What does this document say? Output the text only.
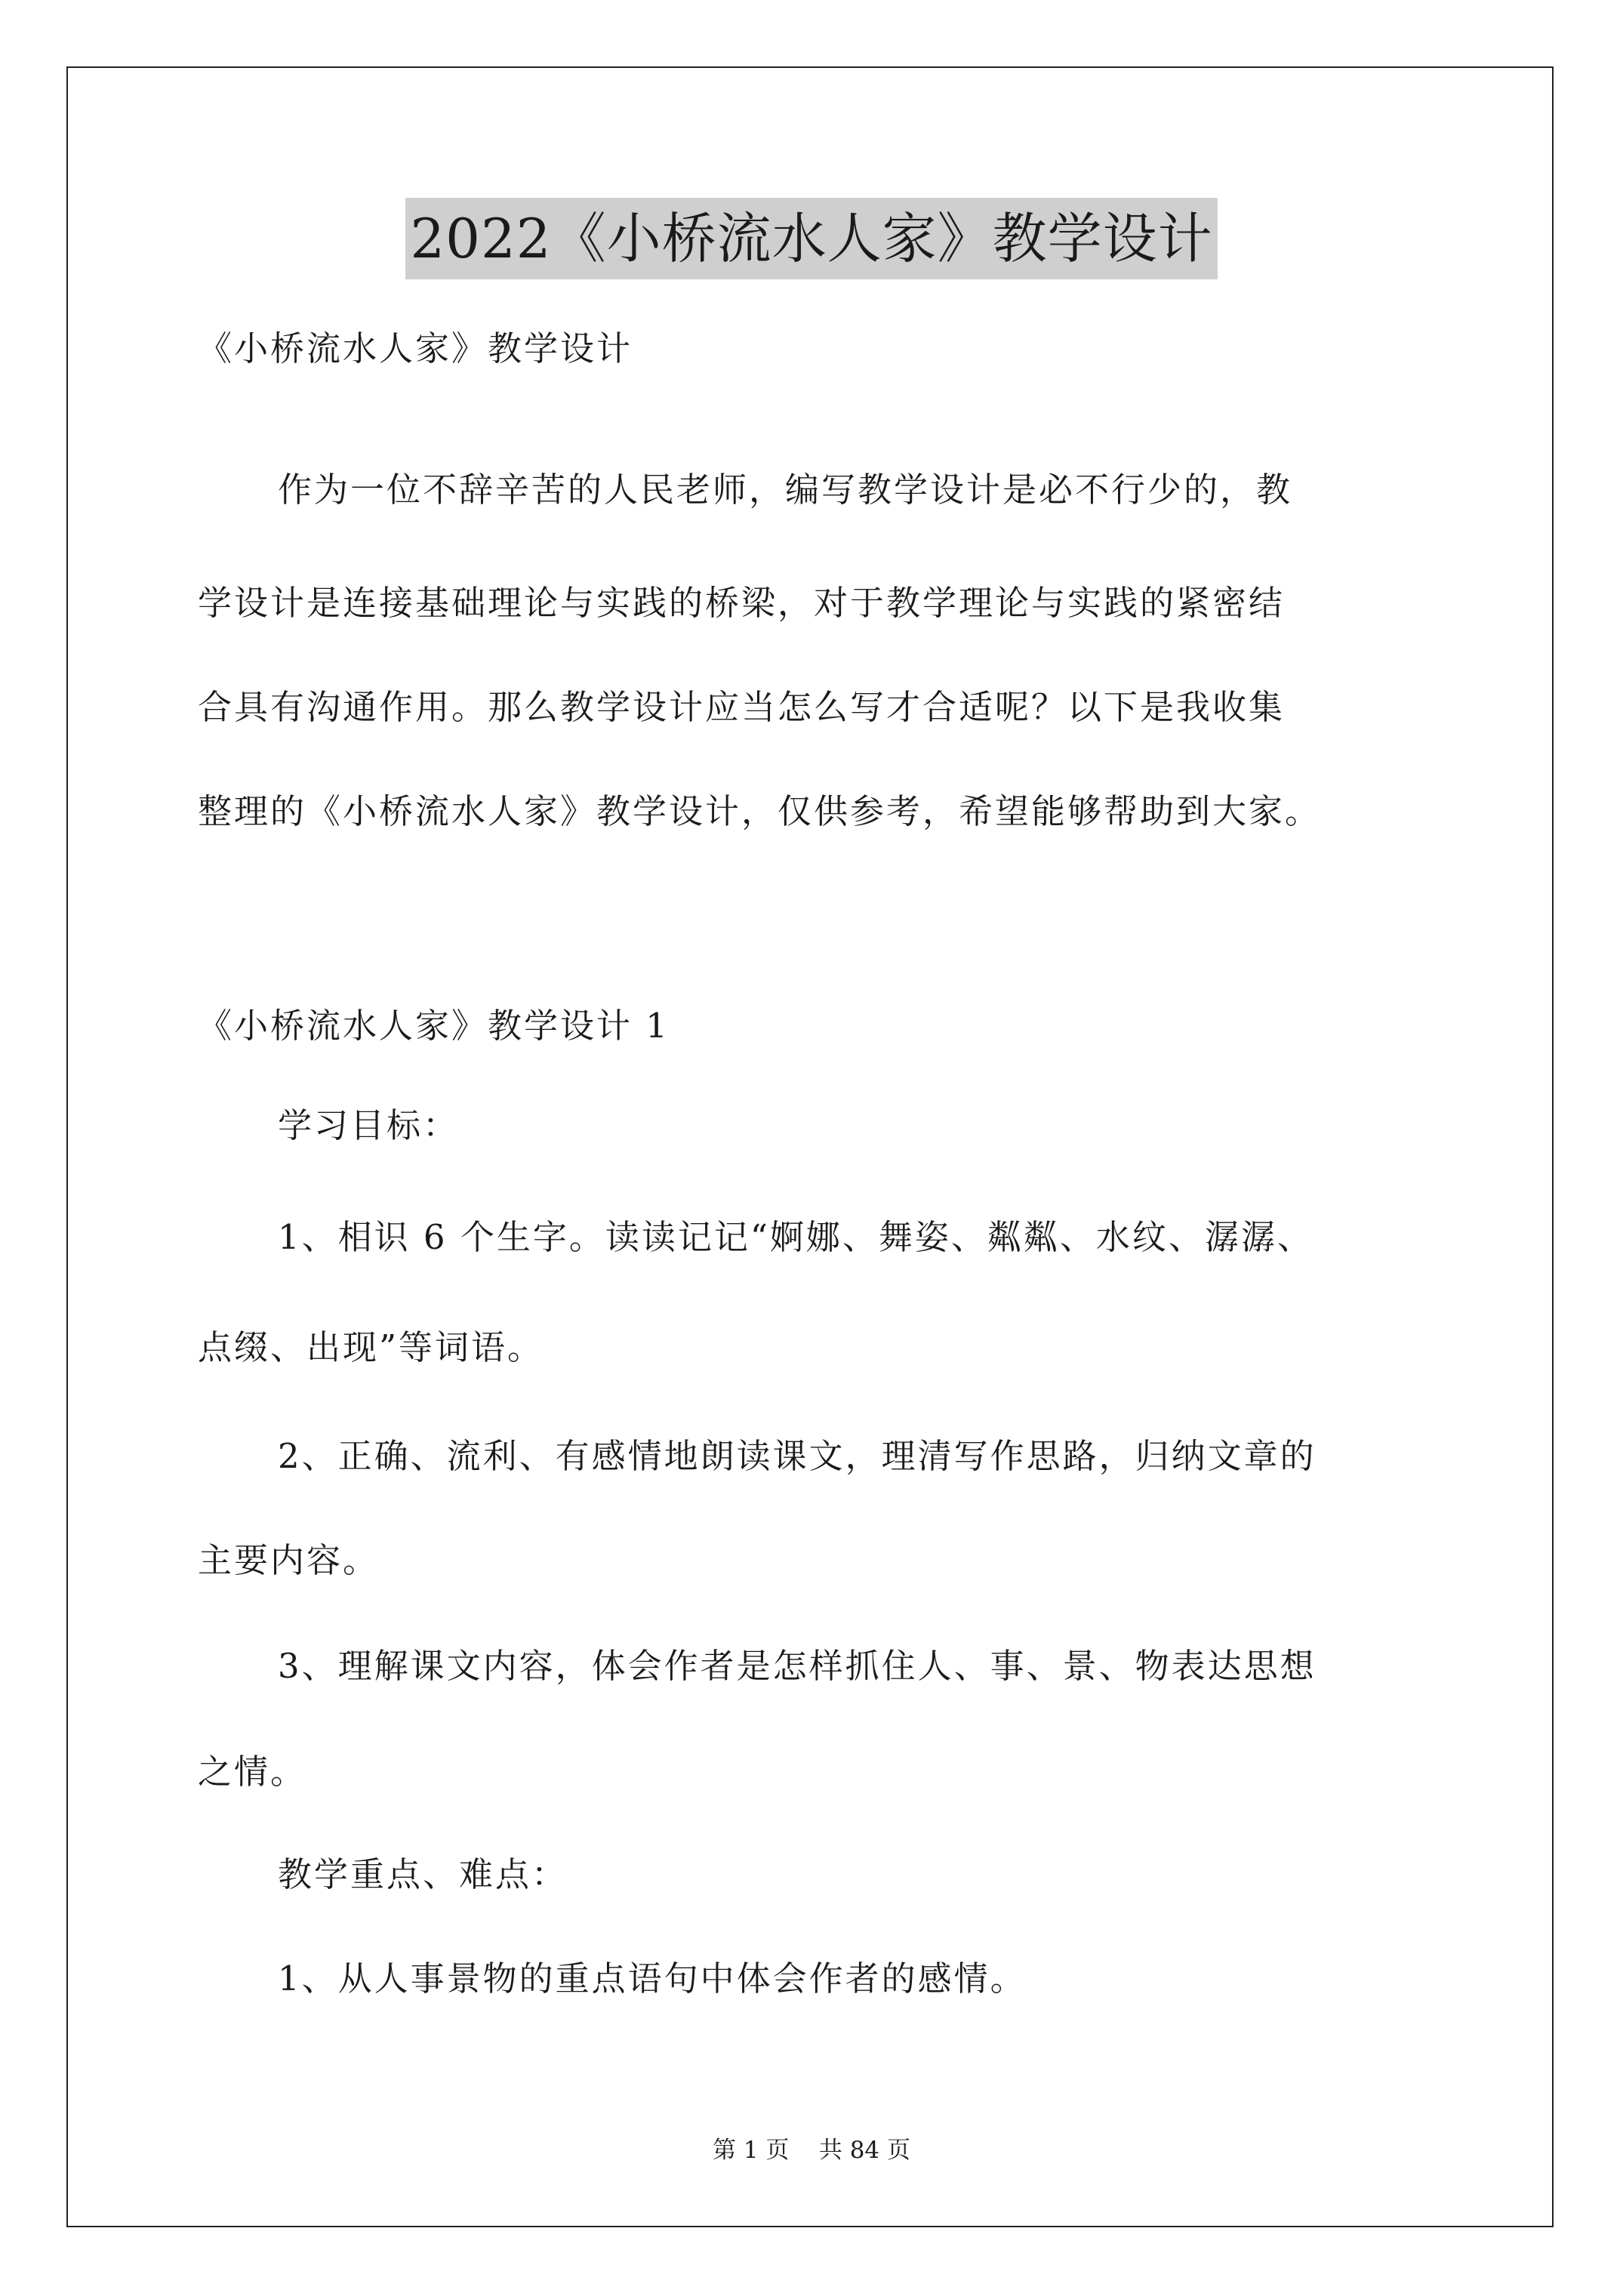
2022《小桥流水人家》教学设计
《小桥流水人家》教学设计
作为一位不辞辛苦的人民老师，编写教学设计是必不行少的，教
学设计是连接基础理论与实践的桥梁，对于教学理论与实践的紧密结
合具有沟通作用。那么教学设计应当怎么写才合适呢？以下是我收集
整理的《小桥流水人家》教学设计，仅供参考，希望能够帮助到大家。
《小桥流水人家》教学设计 1
学习目标：
1、相识 6 个生字。读读记记“婀娜、舞姿、粼粼、水纹、潺潺、
点缀、出现”等词语。
2、正确、流利、有感情地朗读课文，理清写作思路，归纳文章的
主要内容。
3、理解课文内容，体会作者是怎样抓住人、事、景、物表达思想
之情。
教学重点、难点：
1、从人事景物的重点语句中体会作者的感情。
第 1 页 共 84 页
